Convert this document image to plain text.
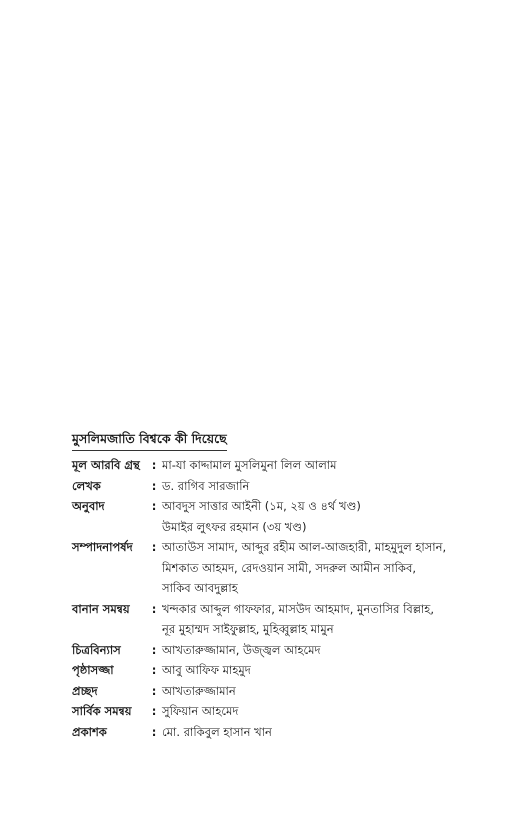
মুসলিমজাতি বিশ্বকে কী দিয়েছে
মূল আরবি গ্রন্থ	: মা-যা কাদ্দামাল মুসলিমুনা লিল আলাম
লেখক	: ড. রাগিব সারজানি
অনুবাদ	: আবদুস সাত্তার আইনী (১ম, ২য় ও ৪র্থ খণ্ড)
উমাইর লুৎফর রহমান (৩য় খণ্ড)
সম্পাদনাপর্ষদ	: আতাউস সামাদ, আব্দুর রহীম আল-আজহারী, মাহমুদুল হাসান,
মিশকাত আহমদ, রেদওয়ান সামী, সদরুল আমীন সাকিব,
সাকিব আবদুল্লাহ
বানান সমন্বয়	: খন্দকার আব্দুল গাফফার, মাসউদ আহমাদ, মুনতাসির বিল্লাহ,
নূর মুহাম্মদ সাইফুল্লাহ, মুহিব্বুল্লাহ মামুন
চিত্রবিন্যাস	: আখতারুজ্জামান, উজ্জ্বল আহমেদ
পৃষ্ঠাসজ্জা	: আবু আফিফ মাহমুদ
প্রচ্ছদ	: আখতারুজ্জামান
সার্বিক সমন্বয়	: সুফিয়ান আহমেদ
প্রকাশক	: মো. রাকিবুল হাসান খান
